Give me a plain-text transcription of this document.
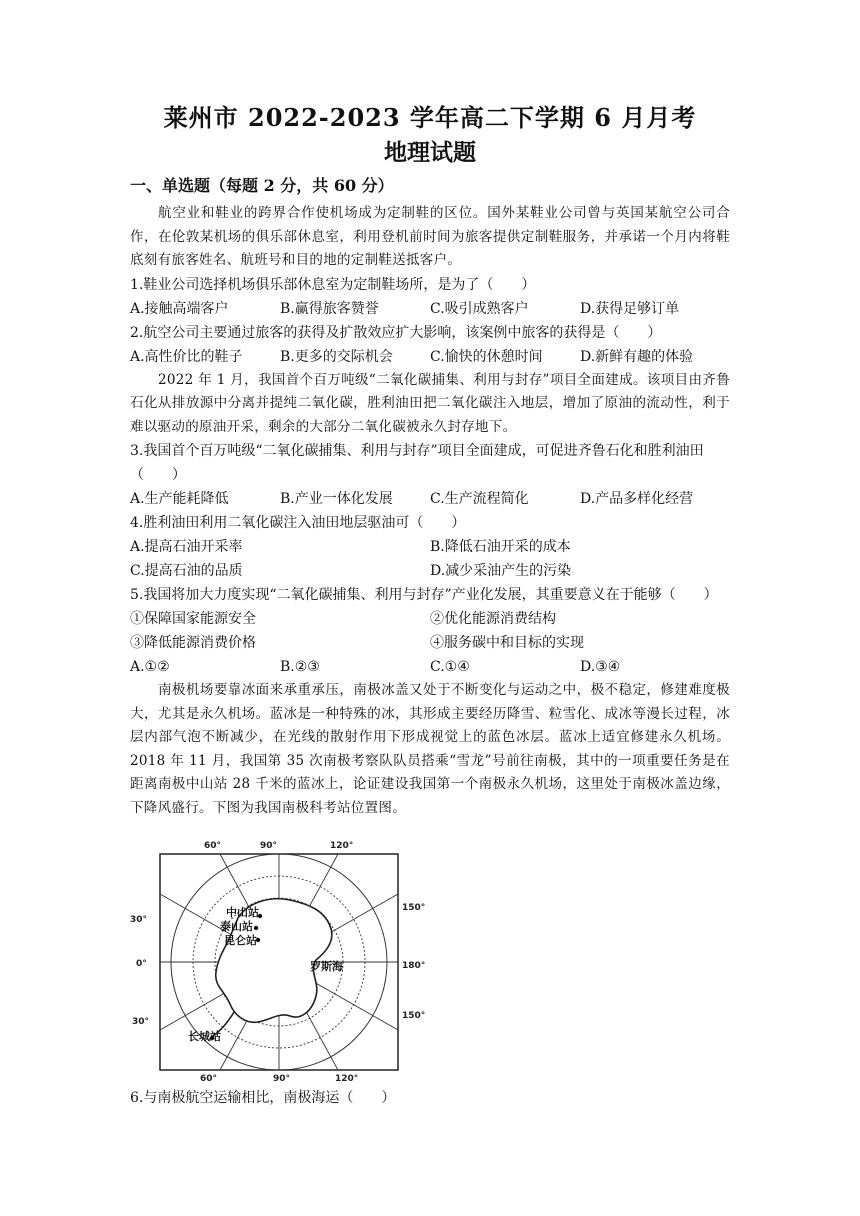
莱州市 2022-2023 学年高二下学期 6 月月考

地理试题

一、单选题（每题 2 分，共 60 分）

航空业和鞋业的跨界合作使机场成为定制鞋的区位。国外某鞋业公司曾与英国某航空公司合作，在伦敦某机场的俱乐部休息室，利用登机前时间为旅客提供定制鞋服务，并承诺一个月内将鞋底刻有旅客姓名、航班号和目的地的定制鞋送抵客户。

1.鞋业公司选择机场俱乐部休息室为定制鞋场所，是为了（　　）

A.接触高端客户	B.赢得旅客赞誉	C.吸引成熟客户	D.获得足够订单

2.航空公司主要通过旅客的获得及扩散效应扩大影响，该案例中旅客的获得是（　　）

A.高性价比的鞋子	B.更多的交际机会	C.愉快的休憩时间	D.新鲜有趣的体验

2022 年 1 月，我国首个百万吨级“二氧化碳捕集、利用与封存”项目全面建成。该项目由齐鲁石化从排放源中分离并提纯二氧化碳，胜利油田把二氧化碳注入地层，增加了原油的流动性，利于难以驱动的原油开采，剩余的大部分二氧化碳被永久封存地下。

3.我国首个百万吨级“二氧化碳捕集、利用与封存”项目全面建成，可促进齐鲁石化和胜利油田（　　）

A.生产能耗降低	B.产业一体化发展	C.生产流程简化	D.产品多样化经营

4.胜利油田利用二氧化碳注入油田地层驱油可（　　）

A.提高石油开采率	B.降低石油开采的成本
C.提高石油的品质	D.减少采油产生的污染

5.我国将加大力度实现“二氧化碳捕集、利用与封存”产业化发展，其重要意义在于能够（　　）

①保障国家能源安全	②优化能源消费结构
③降低能源消费价格	④服务碳中和目标的实现
A.①②	B.②③	C.①④	D.③④

南极机场要靠冰面来承重承压，南极冰盖又处于不断变化与运动之中，极不稳定，修建难度极大，尤其是永久机场。蓝冰是一种特殊的冰，其形成主要经历降雪、粒雪化、成冰等漫长过程，冰层内部气泡不断减少，在光线的散射作用下形成视觉上的蓝色冰层。蓝冰上适宜修建永久机场。2018 年 11 月，我国第 35 次南极考察队队员搭乘“雪龙”号前往南极，其中的一项重要任务是在距离南极中山站 28 千米的蓝冰上，论证建设我国第一个南极永久机场，这里处于南极冰盖边缘，下降风盛行。下图为我国南极科考站位置图。

60°	90°	120°
60°	90°	120°
30°
0°
30°
150°
180°
150°
中山站
泰山站
昆仑站
长城站
罗斯海

6.与南极航空运输相比，南极海运（　　）
